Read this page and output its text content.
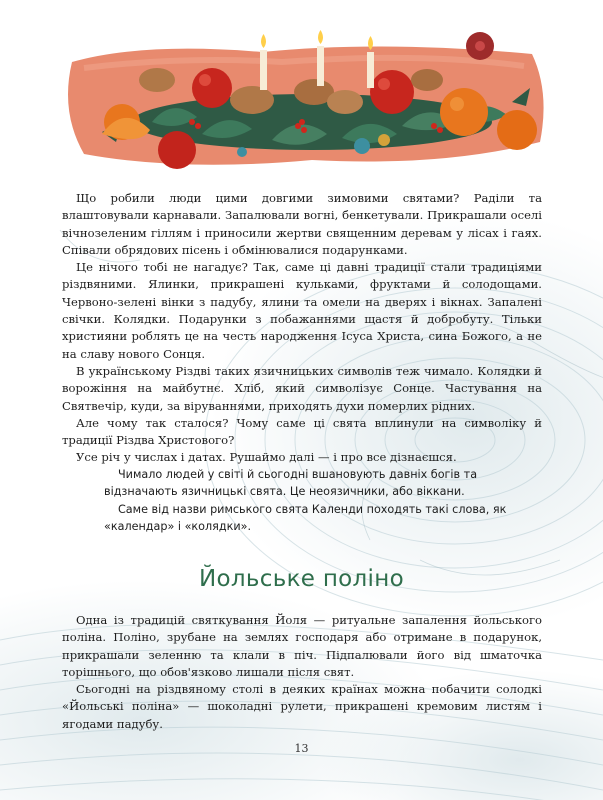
Що робили люди цими довгими зимовими святами? Раділи та влаштовували карнавали. Запалювали вогні, бенкетували. Прикрашали оселі вічнозеленим гіллям і приносили жертви священним деревам у лісах і гаях. Співали обрядових пісень і обмінювалися подарунками.

Це нічого тобі не нагадує? Так, саме ці давні традиції стали традиціями різдвяними. Ялинки, прикрашені кульками, фруктами й солодощами. Червоно-зелені вінки з падубу, ялини та омели на дверях і вікнах. Запалені свічки. Колядки. Подарунки з побажаннями щастя й добробуту. Тільки християни роблять це на честь народження Ісуса Христа, сина Божого, а не на славу нового Сонця.

В українському Різдві таких язичницьких символів теж чимало. Колядки й ворожіння на майбутнє. Хліб, який символізує Сонце. Частування на Святвечір, куди, за віруваннями, приходять духи померлих рідних.

Але чому так сталося? Чому саме ці свята вплинули на символіку й традиції Різдва Христового?

Усе річ у числах і датах. Рушаймо далі — і про все дізнаєшся.

Чимало людей у світі й сьогодні вшановують давніх богів та відзначають язичницькі свята. Це неоязичники, або віккани.

Саме від назви римського свята Календи походять такі слова, як «календар» і «колядки».

Йольське поліно

Одна із традицій святкування Йоля — ритуальне запалення йольського поліна. Поліно, зрубане на землях господаря або отримане в подарунок, прикрашали зеленню та клали в піч. Підпалювали його від шматочка торішнього, що обов'язково лишали після свят.

Сьогодні на різдвяному столі в деяких країнах можна побачити солодкі «Йольські поліна» — шоколадні рулети, прикрашені кремовим листям і ягодами падубу.

13
